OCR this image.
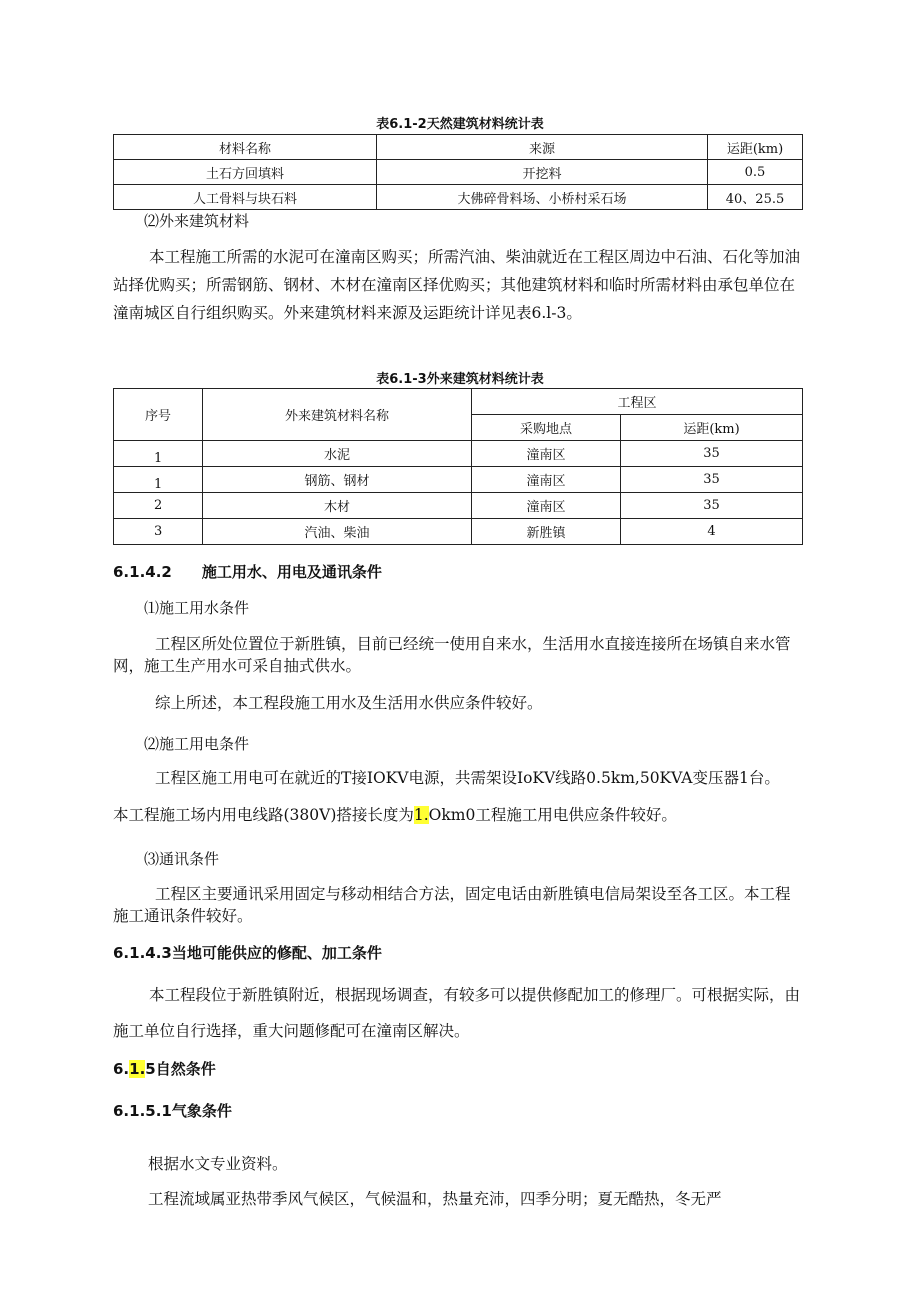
表6.1-2天然建筑材料统计表
材料名称	来源	运距(km)
土石方回填料	开挖料	0.5
人工骨料与块石料	大佛碎骨料场、小桥村采石场	40、25.5
⑵外来建筑材料
本工程施工所需的水泥可在潼南区购买；所需汽油、柴油就近在工程区周边中石油、石化等加油站择优购买；所需钢筋、钢材、木材在潼南区择优购买；其他建筑材料和临时所需材料由承包单位在潼南城区自行组织购买。外来建筑材料来源及运距统计详见表6.l-3。
表6.1-3外来建筑材料统计表
序号	外来建筑材料名称	工程区	
		采购地点	运距(km)
1	水泥	潼南区	35
1	钢筋、钢材	潼南区	35
2	木材	潼南区	35
3	汽油、柴油	新胜镇	4
6.1.4.2　　施工用水、用电及通讯条件
⑴施工用水条件
工程区所处位置位于新胜镇，目前已经统一使用自来水，生活用水直接连接所在场镇自来水管网，施工生产用水可采自抽式供水。
综上所述，本工程段施工用水及生活用水供应条件较好。
⑵施工用电条件
工程区施工用电可在就近的T接IOKV电源，共需架设IoKV线路0.5km,50KVA变压器1台。
本工程施工场内用电线路(380V)搭接长度为1.Okm0工程施工用电供应条件较好。
⑶通讯条件
工程区主要通讯采用固定与移动相结合方法，固定电话由新胜镇电信局架设至各工区。本工程施工通讯条件较好。
6.1.4.3当地可能供应的修配、加工条件
本工程段位于新胜镇附近，根据现场调查，有较多可以提供修配加工的修理厂。可根据实际，由施工单位自行选择，重大问题修配可在潼南区解决。
6.1.5自然条件
6.1.5.1气象条件
根据水文专业资料。
工程流域属亚热带季风气候区，气候温和，热量充沛，四季分明；夏无酷热，冬无严
